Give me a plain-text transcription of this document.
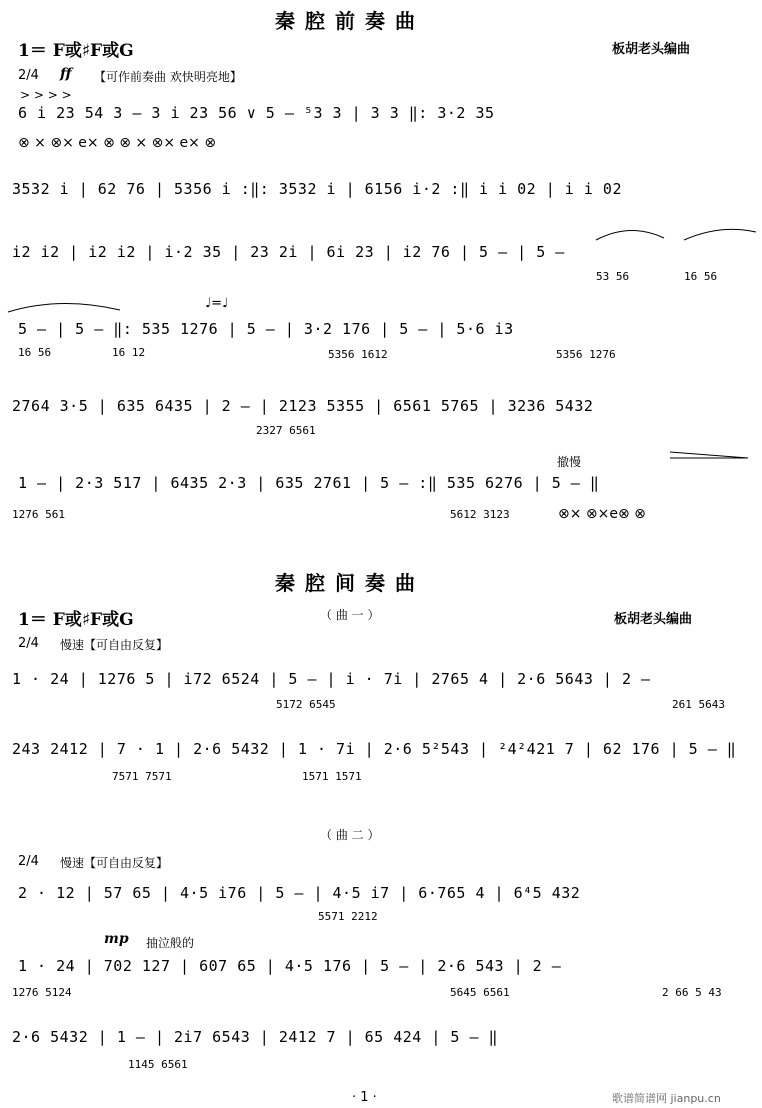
秦腔前奏曲
1＝ F或♯F或G	板胡老头编曲
2/4 ff 【可作前奏曲 欢快明亮地】
> > > >
6 i 23 54 3 – 3 i 23 56 ∨ 5 – ⁵3 3 | 3 3 ‖: 3·2 35
⊗ × ⊗× e× ⊗ ⊗ × ⊗× e× ⊗
3532 i | 62 76 | 5356 i :‖: 3532 i | 6156 i·2 :‖ i i 02 | i i 02
i2 i2 | i2 i2 | i·2 35 | 23 2i | 6i 23 | i2 76 | 5 – | 5 –
53 56	16 56
♩=♩
5 – | 5 – ‖: 535 1276 | 5 – | 3·2 176 | 5 – | 5·6 i3
16 56	16 12	5356 1612	5356 1276
2764 3·5 | 635 6435 | 2 – | 2123 5355 | 6561 5765 | 3236 5432
2327 6561
撤慢
1 – | 2·3 517 | 6435 2·3 | 635 2761 | 5 – :‖ 535 6276 | 5 – ‖
1276 561	5612 3123	⊗× ⊗×e⊗ ⊗
秦腔间奏曲
1＝ F或♯F或G	（ 曲 一 ）	板胡老头编曲
2/4 慢速【可自由反复】
1 · 24 | 1276 5 | i72 6524 | 5 – | i · 7i | 2765 4 | 2·6 5643 | 2 –
5172 6545	261 5643
243 2412 | 7 · 1 | 2·6 5432 | 1 · 7i | 2·6 5²543 | ²4²421 7 | 62 176 | 5 – ‖
7571 7571	1571 1571
（ 曲 二 ）
2/4 慢速【可自由反复】
2 · 12 | 57 65 | 4·5 i76 | 5 – | 4·5 i7 | 6·765 4 | 6⁴5 432
5571 2212
mp 抽泣般的
1 · 24 | 702 127 | 607 65 | 4·5 176 | 5 – | 2·6 543 | 2 –
1276 5124	5645 6561	2 66 5 43
2·6 5432 | 1 – | 2i7 6543 | 2412 7 | 65 424 | 5 – ‖
1145 6561
· 1 ·	歌谱简谱网 jianpu.cn
